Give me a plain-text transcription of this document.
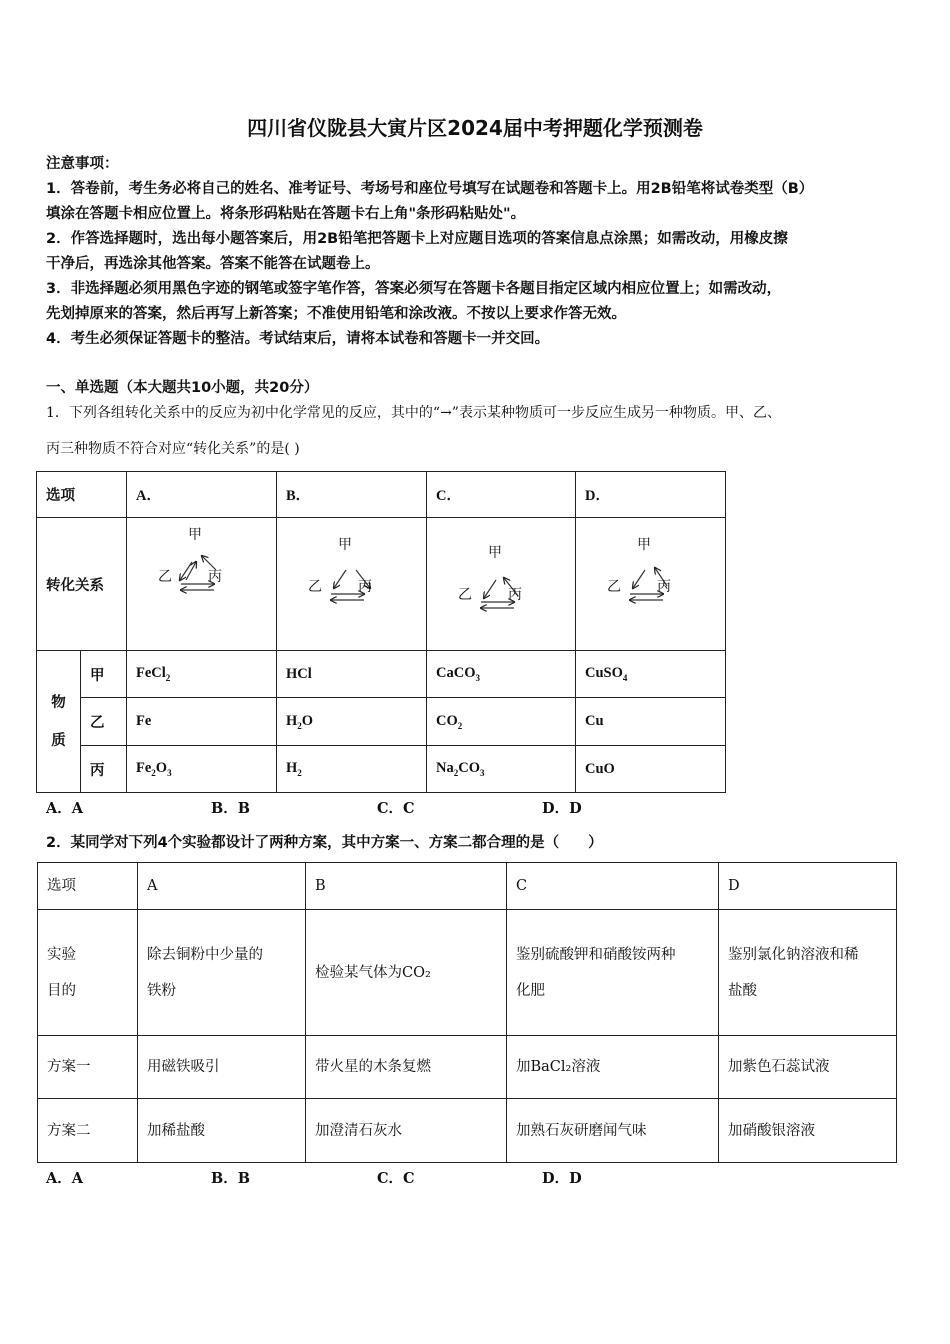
四川省仪陇县大寅片区2024届中考押题化学预测卷
注意事项：
1．答卷前，考生务必将自己的姓名、准考证号、考场号和座位号填写在试题卷和答题卡上。用2B铅笔将试卷类型（B）
填涂在答题卡相应位置上。将条形码粘贴在答题卡右上角"条形码粘贴处"。
2．作答选择题时，选出每小题答案后，用2B铅笔把答题卡上对应题目选项的答案信息点涂黑；如需改动，用橡皮擦
干净后，再选涂其他答案。答案不能答在试题卷上。
3．非选择题必须用黑色字迹的钢笔或签字笔作答，答案必须写在答题卡各题目指定区域内相应位置上；如需改动，
先划掉原来的答案，然后再写上新答案；不准使用铅笔和涂改液。不按以上要求作答无效。
4．考生必须保证答题卡的整洁。考试结束后，请将本试卷和答题卡一并交回。
一、单选题（本大题共10小题，共20分）
1．下列各组转化关系中的反应为初中化学常见的反应，其中的“→”表示某种物质可一步反应生成另一种物质。甲、乙、
丙三种物质不符合对应“转化关系”的是( )
选项		A．	B．	C．	D．
转化关系		甲
乙 丙	甲
乙 丙	甲
乙 丙	甲
乙 丙

物
质	甲	FeCl$_2$	HCl	CaCO$_3$	CuSO$_4$
	乙	Fe	$H_2O$	$CO_2$	Cu
	丙	$Fe_2O_3$	$H_2$	$Na_2CO_3$	CuO
A．A	B．B	C．C	D．D
2．某同学对下列4个实验都设计了两种方案，其中方案一、方案二都合理的是（　　）
选项	A	B	C	D
实验
目的	除去铜粉中少量的
铁粉	检验某气体为CO₂	鉴别硫酸钾和硝酸铵两种
化肥	鉴别氯化钠溶液和稀
盐酸
方案一	用磁铁吸引	带火星的木条复燃	加BaCl₂溶液	加紫色石蕊试液
方案二	加稀盐酸	加澄清石灰水	加熟石灰研磨闻气味	加硝酸银溶液
A．A	B．B	C．C	D．D
